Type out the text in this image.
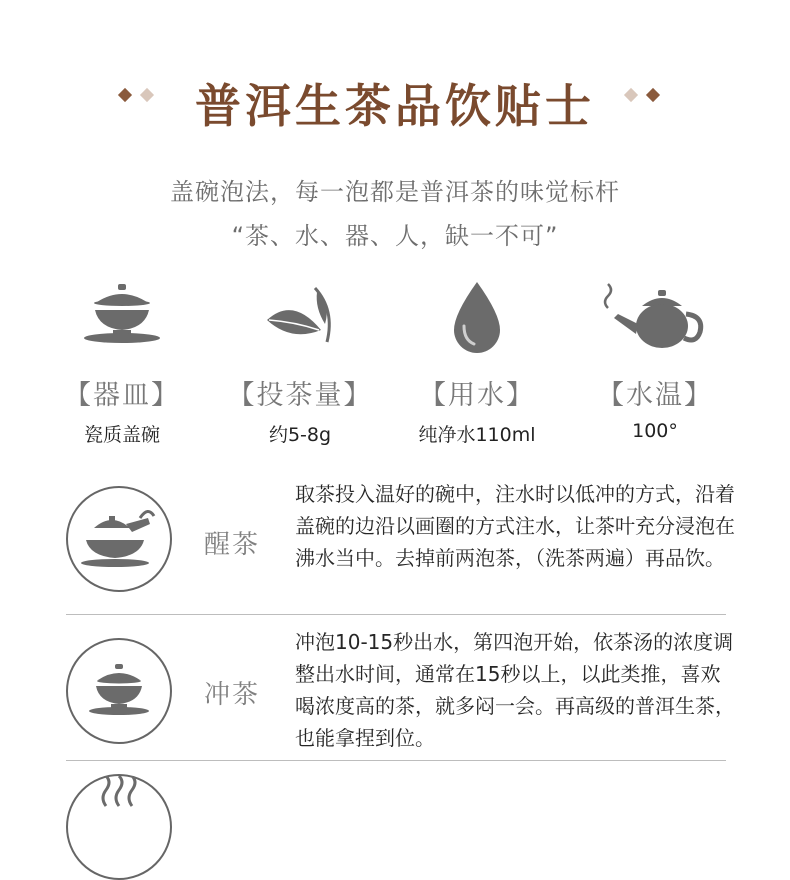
普洱生茶品饮贴士
盖碗泡法，每一泡都是普洱茶的味觉标杆
“茶、水、器、人，缺一不可”
【器皿】
瓷质盖碗
【投茶量】
约5-8g
【用水】
纯净水110ml
【水温】
100°
醒茶
取茶投入温好的碗中，注水时以低冲的方式，沿着盖碗的边沿以画圈的方式注水，让茶叶充分浸泡在沸水当中。去掉前两泡茶，（洗茶两遍）再品饮。
冲茶
冲泡10-15秒出水，第四泡开始，依茶汤的浓度调整出水时间，通常在15秒以上，以此类推，喜欢喝浓度高的茶，就多闷一会。再高级的普洱生茶，也能拿捏到位。
